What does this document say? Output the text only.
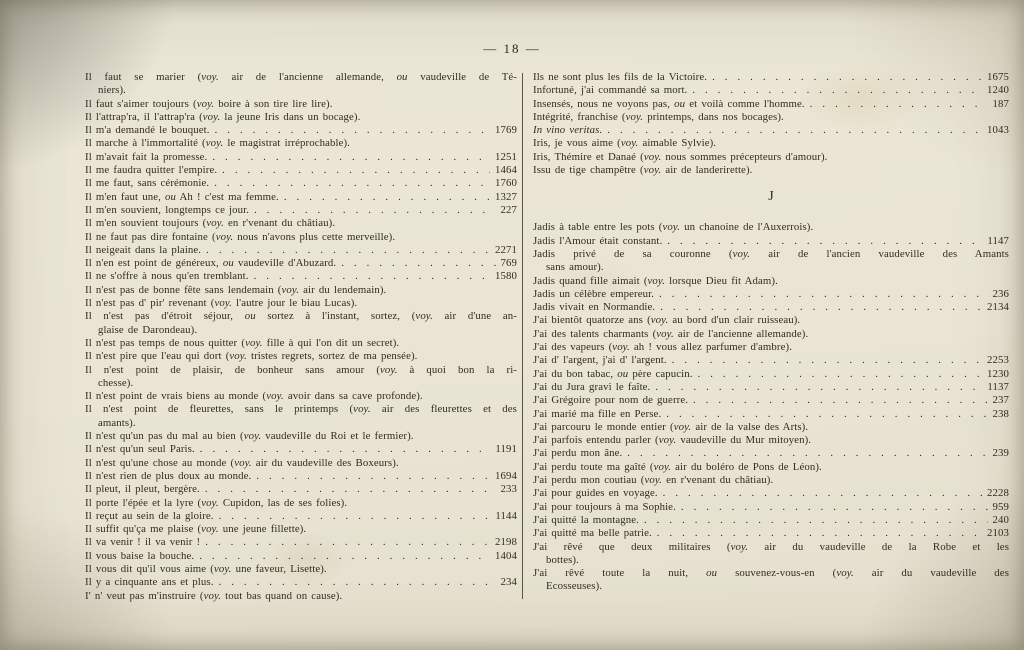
— 18 —
Il faut se marier (voy. air de l'ancienne allemande, ou vaudeville de Té-
niers).
Il faut s'aimer toujours (voy. boire à son tire lire lire).
Il l'attrap'ra, il l'attrap'ra (voy. la jeune Iris dans un bocage).
Il m'a demandé le bouquet. . . .	1769
Il marche à l'immortalité (voy. le magistrat irréprochable).
Il m'avait fait la promesse. . . .	1251
Il me faudra quitter l'empire. . . .	1464
Il me faut, sans cérémonie. . . .	1760
Il m'en faut une, ou Ah ! c'est ma femme. . . .	1327
Il m'en souvient, longtemps ce jour. . . .	227
Il m'en souvient toujours (voy. en r'venant du châtiau).
Il ne faut pas dire fontaine (voy. nous n'avons plus cette merveille).
Il neigeait dans la plaine. . . .	2271
Il n'en est point de généreux, ou vaudeville d'Abuzard. . . .	769
Il ne s'offre à nous qu'en tremblant. . . .	1580
Il n'est pas de bonne fête sans lendemain (voy. air du lendemain).
Il n'est pas d' pir' revenant (voy. l'autre jour le biau Lucas).
Il n'est pas d'étroit séjour, ou sortez à l'instant, sortez, (voy. air d'une an-
glaise de Darondeau).
Il n'est pas temps de nous quitter (voy. fille à qui l'on dit un secret).
Il n'est pire que l'eau qui dort (voy. tristes regrets, sortez de ma pensée).
Il n'est point de plaisir, de bonheur sans amour (voy. à quoi bon la ri-
chesse).
Il n'est point de vrais biens au monde (voy. avoir dans sa cave profonde).
Il n'est point de fleurettes, sans le printemps (voy. air des fleurettes et des
amants).
Il n'est qu'un pas du mal au bien (voy. vaudeville du Roi et le fermier).
Il n'est qu'un seul Paris. . . .	1191
Il n'est qu'une chose au monde (voy. air du vaudeville des Boxeurs).
Il n'est rien de plus doux au monde. . . .	1694
Il pleut, il pleut, bergère. . . .	233
Il porte l'épée et la lyre (voy. Cupidon, las de ses folies).
Il reçut au sein de la gloire. . . .	1144
Il suffit qu'ça me plaise (voy. une jeune fillette).
Il va venir ! il va venir ! . . .	2198
Il vous baise la bouche. . . .	1404
Il vous dit qu'il vous aime (voy. une faveur, Lisette).
Il y a cinquante ans et plus. . . .	234
I' n' veut pas m'instruire (voy. tout bas quand on cause).
Ils ne sont plus les fils de la Victoire. . . .	1675
Infortuné, j'ai commandé sa mort. . . .	1240
Insensés, nous ne voyons pas, ou et voilà comme l'homme. . . .	187
Intégrité, franchise (voy. printemps, dans nos bocages).
In vino veritas. . . .	1043
Iris, je vous aime (voy. aimable Sylvie).
Iris, Thémire et Danaé (voy. nous sommes précepteurs d'amour).
Issu de tige champêtre (voy. air de landerirette).
J
Jadis à table entre les pots (voy. un chanoine de l'Auxerrois).
Jadis l'Amour était constant. . . .	1147
Jadis privé de sa couronne (voy. air de l'ancien vaudeville des Amants
sans amour).
Jadis quand fille aimait (voy. lorsque Dieu fit Adam).
Jadis un célèbre empereur. . . .	236
Jadis vivait en Normandie. . . .	2134
J'ai bientôt quatorze ans (voy. au bord d'un clair ruisseau).
J'ai des talents charmants (voy. air de l'ancienne allemande).
J'ai des vapeurs (voy. ah ! vous allez parfumer d'ambre).
J'ai d' l'argent, j'ai d' l'argent. . . .	2253
J'ai du bon tabac, ou père capucin. . . .	1230
J'ai du Jura gravi le faîte. . . .	1137
J'ai Grégoire pour nom de guerre. . . .	237
J'ai marié ma fille en Perse. . . .	238
J'ai parcouru le monde entier (voy. air de la valse des Arts).
J'ai parfois entendu parler (voy. vaudeville du Mur mitoyen).
J'ai perdu mon âne. . . .	239
J'ai perdu toute ma gaîté (voy. air du boléro de Pons de Léon).
J'ai perdu mon coutiau (voy. en r'venant du châtiau).
J'ai pour guides en voyage. . . .	2228
J'ai pour toujours à ma Sophie. . . .	959
J'ai quitté la montagne. . . .	240
J'ai quitté ma belle patrie. . . .	2103
J'ai rêvé que deux militaires (voy. air du vaudeville de la Robe et les
bottes).
J'ai rêvé toute la nuit, ou souvenez-vous-en (voy. air du vaudeville des
Ecosseuses).
